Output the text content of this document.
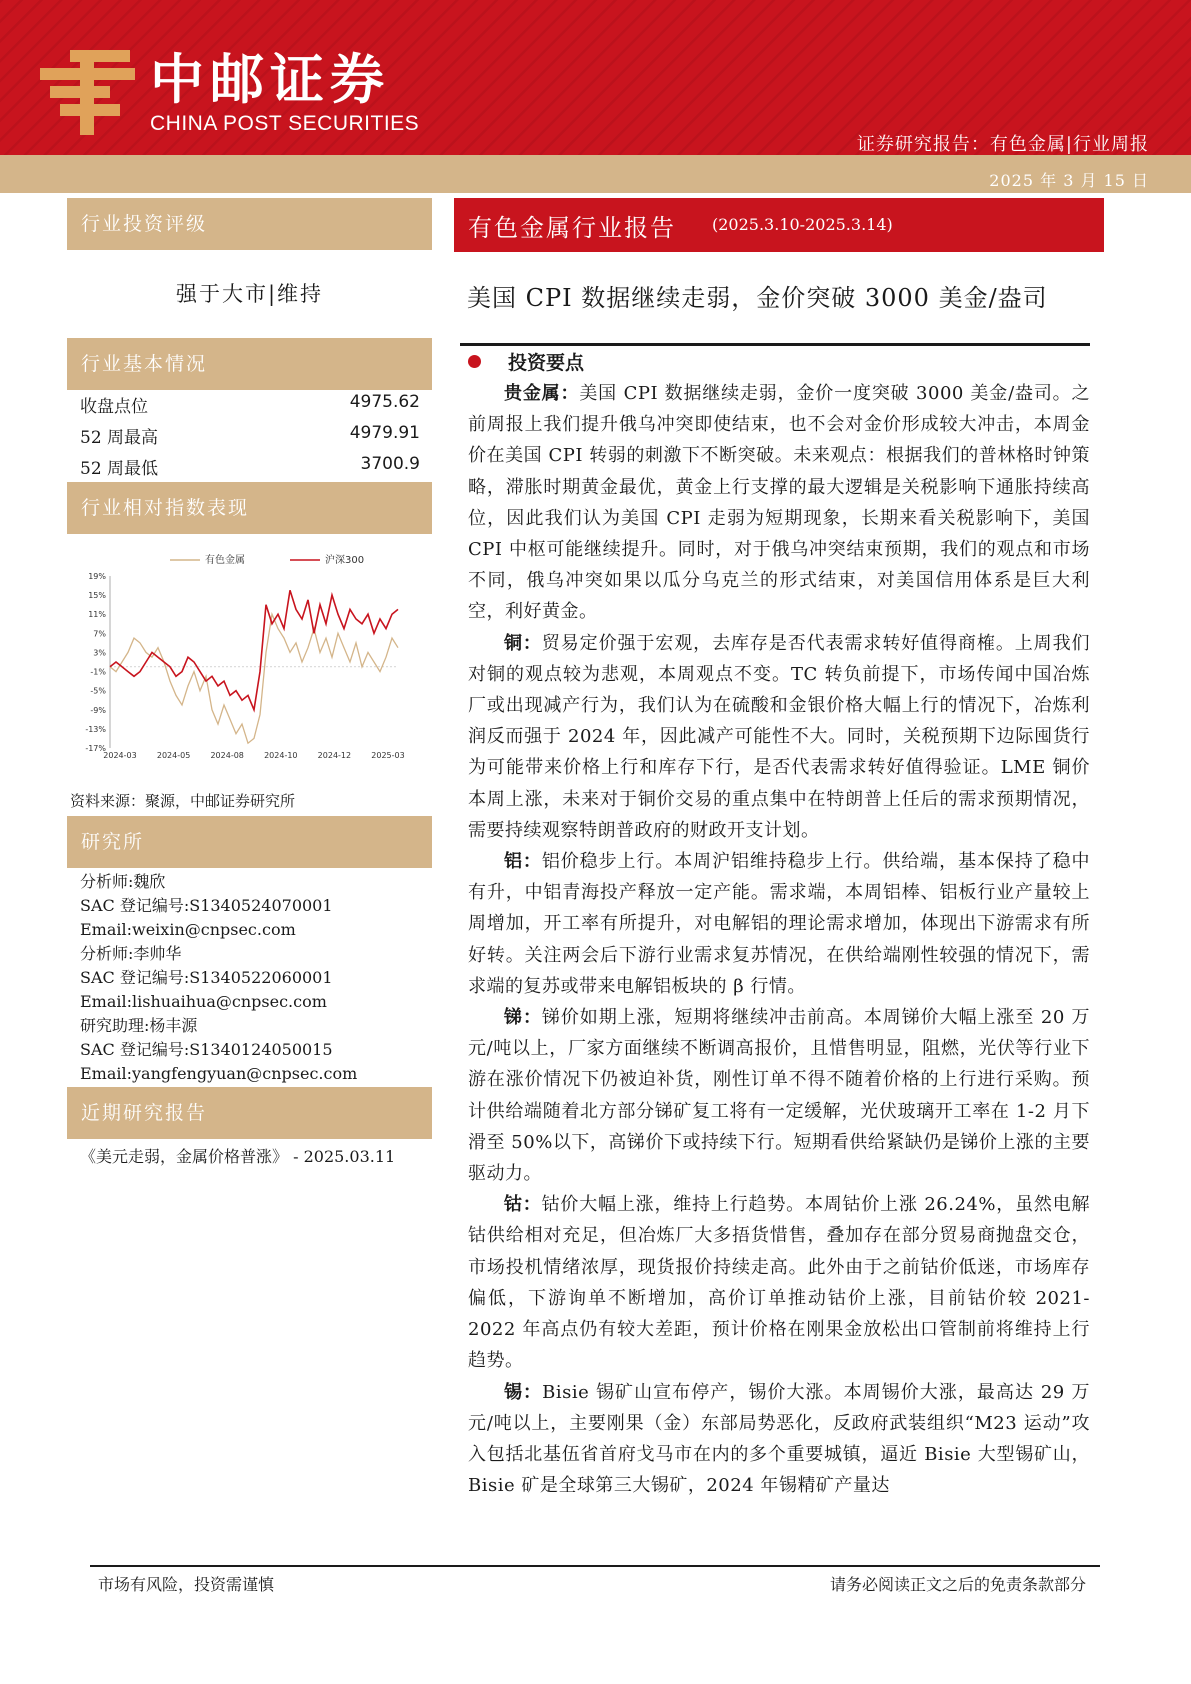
中邮证券
CHINA POST SECURITIES
证券研究报告：有色金属|行业周报
2025 年 3 月 15 日
行业投资评级
强于大市|维持
行业基本情况
收盘点位	4975.62
52 周最高	4979.91
52 周最低	3700.9
行业相对指数表现
19%
15%
11%
7%
3%
-1%
-5%
-9%
-13%
-17%
2024-03	2024-05	2024-08	2024-10	2024-12	2025-03
有色金属	沪深300
资料来源：聚源，中邮证券研究所
研究所
分析师:魏欣
SAC 登记编号:S1340524070001
Email:weixin@cnpsec.com
分析师:李帅华
SAC 登记编号:S1340522060001
Email:lishuaihua@cnpsec.com
研究助理:杨丰源
SAC 登记编号:S1340124050015
Email:yangfengyuan@cnpsec.com
近期研究报告
《美元走弱，金属价格普涨》 - 2025.03.11
有色金属行业报告 (2025.3.10-2025.3.14)
美国 CPI 数据继续走弱，金价突破 3000 美金/盎司
投资要点

贵金属：美国 CPI 数据继续走弱，金价一度突破 3000 美金/盎司。之前周报上我们提升俄乌冲突即使结束，也不会对金价形成较大冲击，本周金价在美国 CPI 转弱的刺激下不断突破。未来观点：根据我们的普林格时钟策略，滞胀时期黄金最优，黄金上行支撑的最大逻辑是关税影响下通胀持续高位，因此我们认为美国 CPI 走弱为短期现象，长期来看关税影响下，美国 CPI 中枢可能继续提升。同时，对于俄乌冲突结束预期，我们的观点和市场不同，俄乌冲突如果以瓜分乌克兰的形式结束，对美国信用体系是巨大利空，利好黄金。

铜：贸易定价强于宏观，去库存是否代表需求转好值得商榷。上周我们对铜的观点较为悲观，本周观点不变。TC 转负前提下，市场传闻中国冶炼厂或出现减产行为，我们认为在硫酸和金银价格大幅上行的情况下，冶炼利润反而强于 2024 年，因此减产可能性不大。同时，关税预期下边际囤货行为可能带来价格上行和库存下行，是否代表需求转好值得验证。LME 铜价本周上涨，未来对于铜价交易的重点集中在特朗普上任后的需求预期情况，需要持续观察特朗普政府的财政开支计划。

铝：铝价稳步上行。本周沪铝维持稳步上行。供给端，基本保持了稳中有升，中铝青海投产释放一定产能。需求端，本周铝棒、铝板行业产量较上周增加，开工率有所提升，对电解铝的理论需求增加，体现出下游需求有所好转。关注两会后下游行业需求复苏情况，在供给端刚性较强的情况下，需求端的复苏或带来电解铝板块的 β 行情。

锑：锑价如期上涨，短期将继续冲击前高。本周锑价大幅上涨至 20 万元/吨以上，厂家方面继续不断调高报价，且惜售明显，阻燃，光伏等行业下游在涨价情况下仍被迫补货，刚性订单不得不随着价格的上行进行采购。预计供给端随着北方部分锑矿复工将有一定缓解，光伏玻璃开工率在 1-2 月下滑至 50%以下，高锑价下或持续下行。短期看供给紧缺仍是锑价上涨的主要驱动力。

钴：钴价大幅上涨，维持上行趋势。本周钴价上涨 26.24%，虽然电解钴供给相对充足，但冶炼厂大多捂货惜售，叠加存在部分贸易商抛盘交仓，市场投机情绪浓厚，现货报价持续走高。此外由于之前钴价低迷，市场库存偏低，下游询单不断增加，高价订单推动钴价上涨，目前钴价较 2021-2022 年高点仍有较大差距，预计价格在刚果金放松出口管制前将维持上行趋势。

锡：Bisie 锡矿山宣布停产，锡价大涨。本周锡价大涨，最高达 29 万元/吨以上，主要刚果（金）东部局势恶化，反政府武装组织“M23 运动”攻入包括北基伍省首府戈马市在内的多个重要城镇，逼近 Bisie 大型锡矿山，Bisie 矿是全球第三大锡矿，2024 年锡精矿产量达

市场有风险，投资需谨慎	请务必阅读正文之后的免责条款部分
